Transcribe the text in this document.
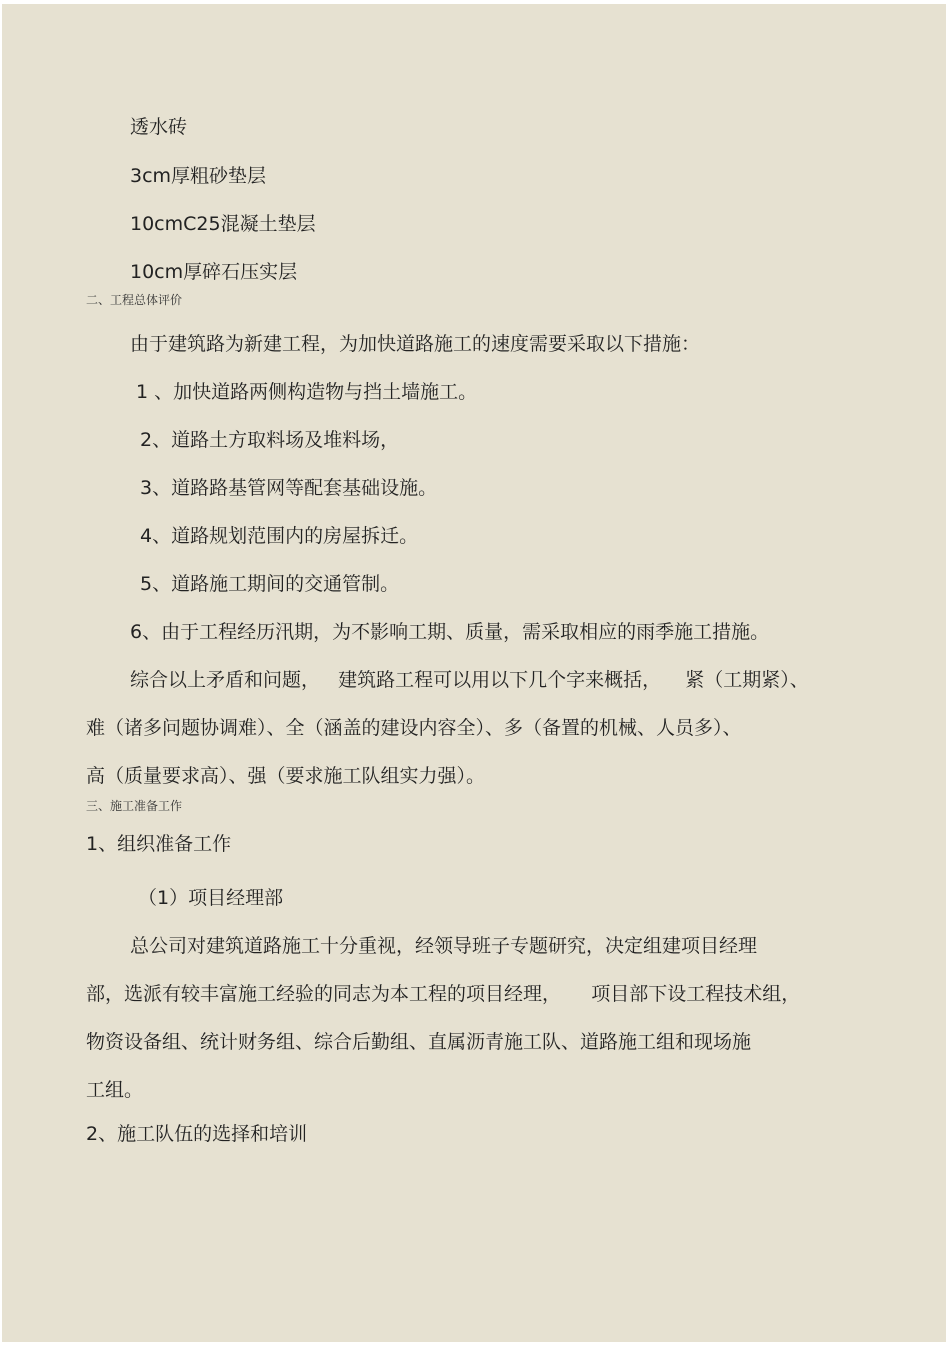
透水砖
3cm厚粗砂垫层
10cmC25混凝土垫层
10cm厚碎石压实层
二、工程总体评价
由于建筑路为新建工程，为加快道路施工的速度需要采取以下措施：
1 、加快道路两侧构造物与挡土墙施工。
2、道路土方取料场及堆料场，
3、道路路基管网等配套基础设施。
4、道路规划范围内的房屋拆迁。
5、道路施工期间的交通管制。
6、由于工程经历汛期，为不影响工期、质量，需采取相应的雨季施工措施。
综合以上矛盾和问题，   建筑路工程可以用以下几个字来概括，    紧（工期紧）、
难（诸多问题协调难）、全（涵盖的建设内容全）、多（备置的机械、人员多）、
高（质量要求高）、强（要求施工队组实力强）。
三、施工准备工作
1、组织准备工作
（1）项目经理部
总公司对建筑道路施工十分重视，经领导班子专题研究，决定组建项目经理
部，选派有较丰富施工经验的同志为本工程的项目经理，     项目部下设工程技术组，
物资设备组、统计财务组、综合后勤组、直属沥青施工队、道路施工组和现场施
工组。
2、施工队伍的选择和培训
